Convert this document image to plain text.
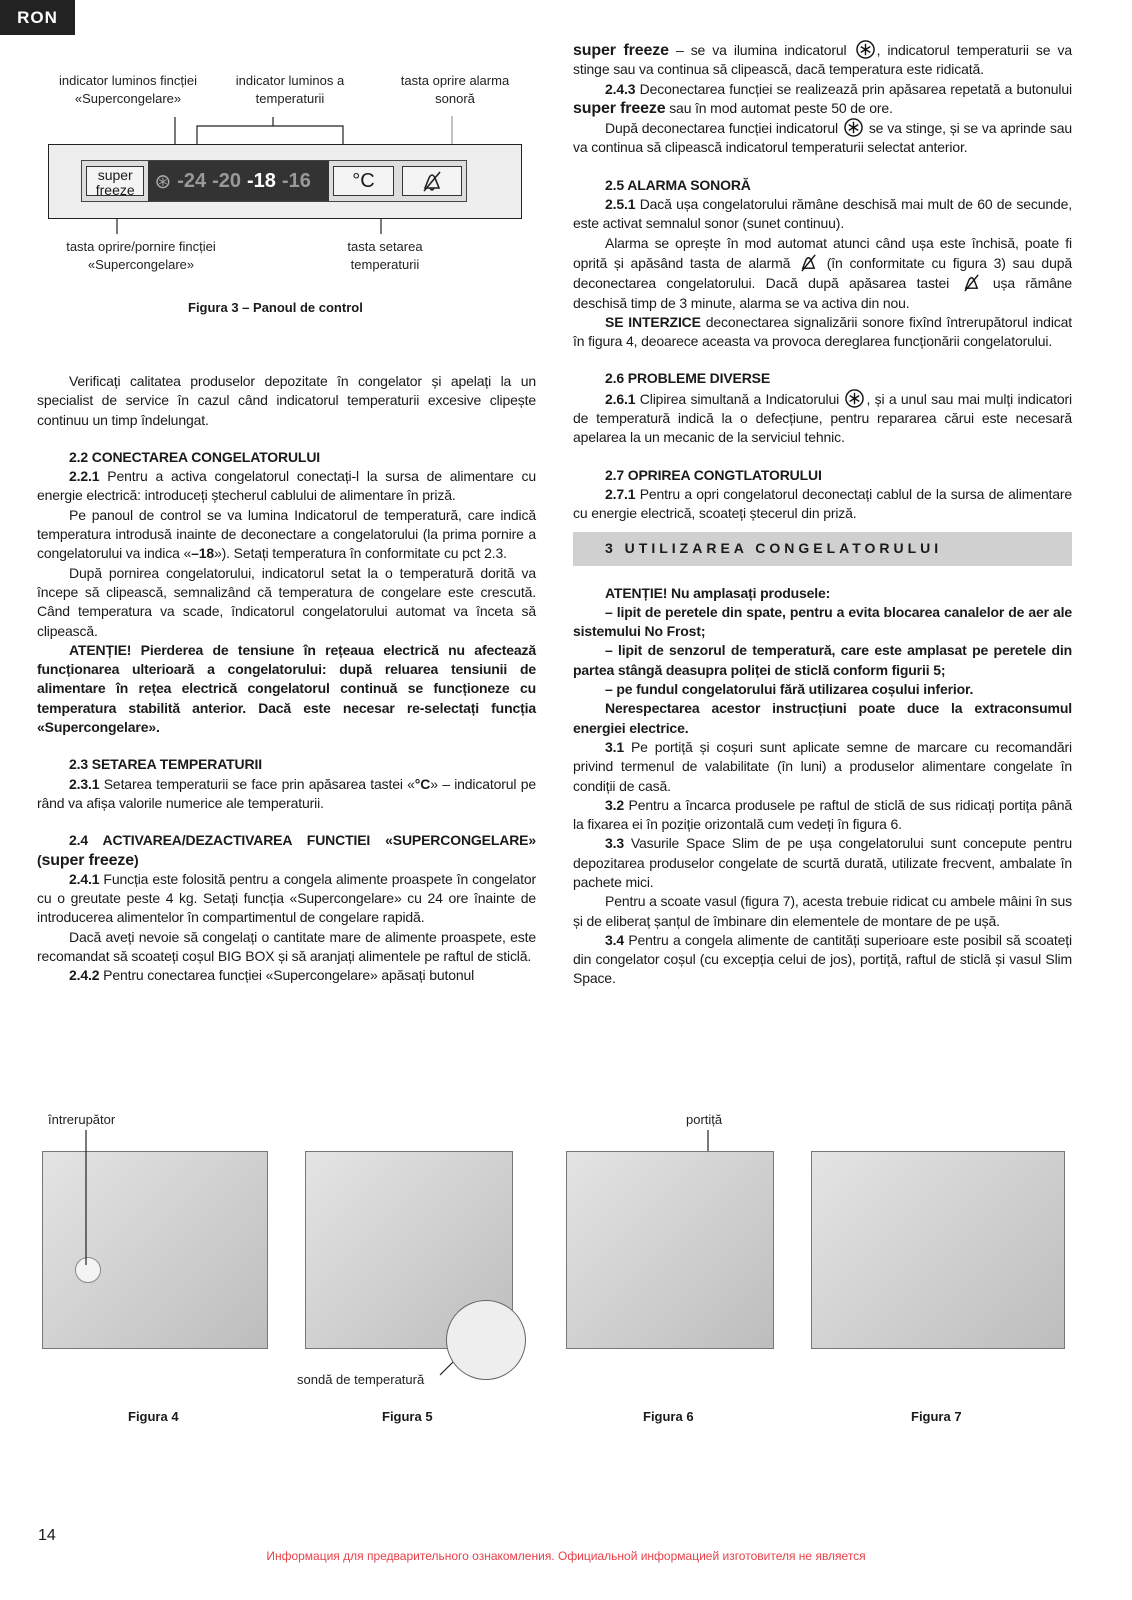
RON
indicator luminos fincției «Supercongelare»
indicator luminos a temperaturii
tasta oprire alarma sonoră
super
freeze ⊛ -24 -20 -18 -16	°C
tasta oprire/pornire fincției «Supercongelare»
tasta setarea temperaturii
Figura 3 – Panoul de control

Verificați calitatea produselor depozitate în congelator și apelați la un specialist de service în cazul când indicatorul temperaturii excesive clipește continuu un timp îndelungat.

2.2 CONECTAREA CONGELATORULUI

2.2.1 Pentru a activa congelatorul conectați-l la sursa de alimentare cu energie electrică: introduceți ștecherul cablului de alimentare în priză.

Pe panoul de control se va lumina Indicatorul de temperatură, care indică temperatura introdusă inainte de deconectare a congelatorului (la prima pornire a congelatorului va indica «–18»). Setați temperatura în conformitate cu pct 2.3.

După pornirea congelatorului, indicatorul setat la o temperatură dorită va începe să clipească, semnalizând că temperatura de congelare este crescută. Când temperatura va scade, îndicatorul congelatorului automat va înceta să clipească.

ATENȚIE! Pierderea de tensiune în rețeaua electrică nu afectează funcționarea ulterioară a congelatorului: după reluarea tensiunii de alimentare în rețea electrică congelatorul continuă se funcționeze cu temperatura stabilită anterior. Dacă este necesar re-selectați funcția «Supercongelare».

2.3 SETAREA TEMPERATURII

2.3.1 Setarea temperaturii se face prin apăsarea tastei «°C» – indicatorul pe rând va afișa valorile numerice ale temperaturii.

2.4 ACTIVAREA/DEZACTIVAREA FUNCTIEI «SUPERCONGELARE» (super freeze)

2.4.1 Funcția este folosită pentru a congela alimente proaspete în congelator cu o greutate peste 4 kg. Setați funcția «Supercongelare» cu 24 ore înainte de introducerea alimentelor în compartimentul de congelare rapidă.

Dacă aveți nevoie să congelați o cantitate mare de alimente proaspete, este recomandat să scoateți coșul BIG BOX și să aranjați alimentele pe raftul de sticlă.

2.4.2 Pentru conectarea funcției «Supercongelare» apăsați butonul

super freeze – se va ilumina indicatorul , indicatorul temperaturii se va stinge sau va continua să clipească, dacă temperatura este ridicată.

2.4.3 Deconectarea funcției se realizează prin apăsarea repetată a butonului super freeze sau în mod automat peste 50 de ore.

După deconectarea funcției indicatorul  se va stinge, și se va aprinde sau va continua să clipească indicatorul temperaturii selectat anterior.

2.5 ALARMA SONORĂ

2.5.1 Dacă ușa congelatorului rămâne deschisă mai mult de 60 de secunde, este activat semnalul sonor (sunet continuu).

Alarma se oprește în mod automat atunci când ușa este închisă, poate fi oprită și apăsând tasta de alarmă  (în conformitate cu figura 3) sau după deconectarea congelatorului. Dacă după apăsarea tastei  ușa rămâne deschisă timp de 3 minute, alarma se va activa din nou.

SE INTERZICE deconectarea signalizării sonore fixînd întrerupătorul indicat în figura 4, deoarece aceasta va provoca dereglarea funcționării congelatorului.

2.6 PROBLEME DIVERSE

2.6.1 Clipirea simultană a Indicatorului , și a unul sau mai mulți indicatori de temperatură indică la o defecțiune, pentru repararea cărui este necesară apelarea la un mecanic de la serviciul tehnic.

2.7 OPRIREA CONGTLATORULUI

2.7.1 Pentru a opri congelatorul deconectați cablul de la sursa de alimentare cu energie electrică, scoateți ștecerul din priză.

3 UTILIZAREA CONGELATORULUI

ATENȚIE! Nu amplasați produsele:

– lipit de peretele din spate, pentru a evita blocarea canalelor de aer ale sistemului No Frost;

– lipit de senzorul de temperatură, care este amplasat pe peretele din partea stângă deasupra poliței de sticlă conform figurii 5;

– pe fundul congelatorului fără utilizarea coșului inferior.

Nerespectarea acestor instrucțiuni poate duce la extraconsumul energiei electrice.

3.1 Pe portiță și coșuri sunt aplicate semne de marcare cu recomandări privind termenul de valabilitate (în luni) a produselor alimentare congelate în condiții de casă.

3.2 Pentru a încarca produsele pe raftul de sticlă de sus ridicați portița până la fixarea ei în poziție orizontală cum vedeți în figura 6.

3.3 Vasurile Space Slim de pe ușa congelatorului sunt concepute pentru depozitarea produselor congelate de scurtă durată, utilizate frecvent, ambalate în pachete mici.

Pentru a scoate vasul (figura 7), acesta trebuie ridicat cu ambele mâini în sus și de eliberaț șanțul de îmbinare din elementele de montare de pe ușă.

3.4 Pentru a congela alimente de cantități superioare este posibil să scoateți din congelator coșul (cu excepția celui de jos), portiță, raftul de sticlă și vasul Slim Space.

întrerupător
sondă de temperatură
portiță
Figura 4	Figura 5	Figura 6	Figura 7
14
Информация для предварительного ознакомления. Официальной информацией изготовителя не является
